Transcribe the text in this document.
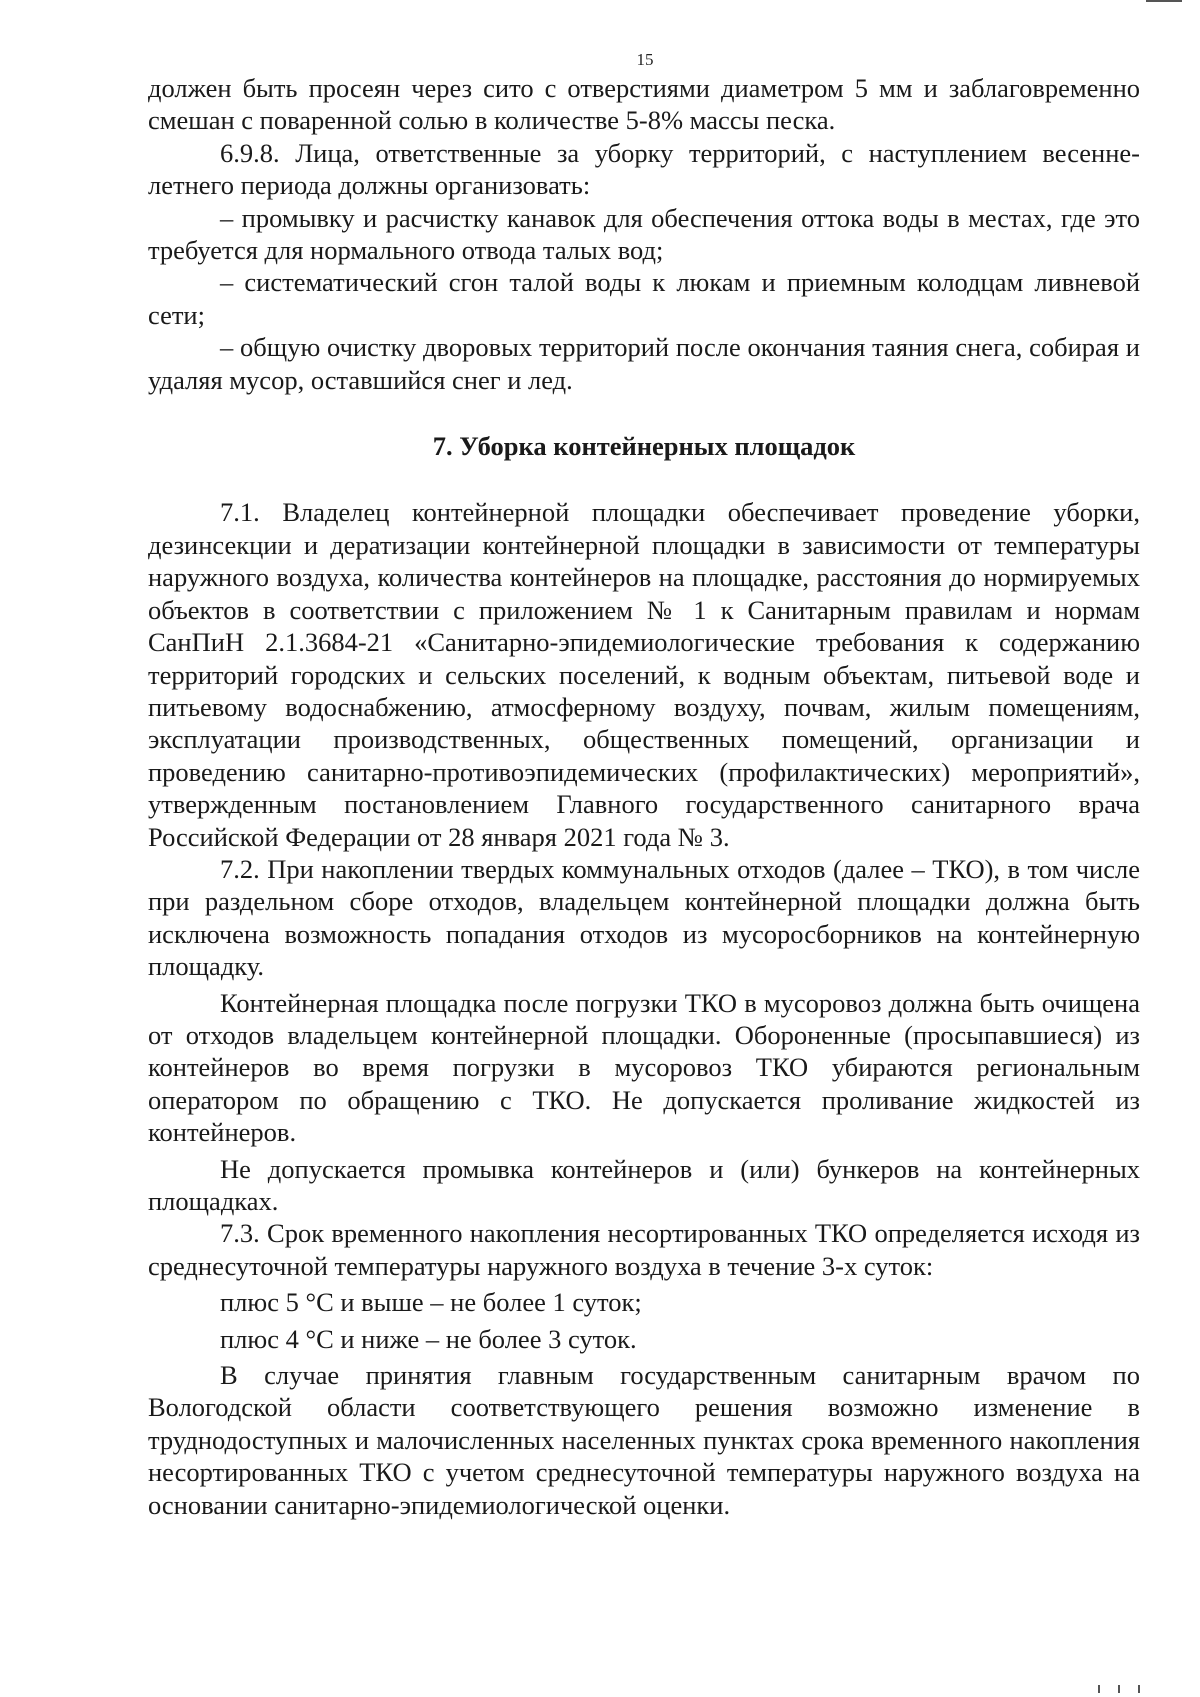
15

должен быть просеян через сито с отверстиями диаметром 5 мм и заблаговременно смешан с поваренной солью в количестве 5-8% массы песка.

6.9.8. Лица, ответственные за уборку территорий, с наступлением весенне-летнего периода должны организовать:

– промывку и расчистку канавок для обеспечения оттока воды в местах, где это требуется для нормального отвода талых вод;

– систематический сгон талой воды к люкам и приемным колодцам ливневой сети;

– общую очистку дворовых территорий после окончания таяния снега, собирая и удаляя мусор, оставшийся снег и лед.

7. Уборка контейнерных площадок

7.1. Владелец контейнерной площадки обеспечивает проведение уборки, дезинсекции и дератизации контейнерной площадки в зависимости от температуры наружного воздуха, количества контейнеров на площадке, расстояния до нормируемых объектов в соответствии с приложением № 1 к Санитарным правилам и нормам СанПиН 2.1.3684-21 «Санитарно-эпидемиологические требования к содержанию территорий городских и сельских поселений, к водным объектам, питьевой воде и питьевому водоснабжению, атмосферному воздуху, почвам, жилым помещениям, эксплуатации производственных, общественных помещений, организации и проведению санитарно-противоэпидемических (профилактических) мероприятий», утвержденным постановлением Главного государственного санитарного врача Российской Федерации от 28 января 2021 года № 3.

7.2. При накоплении твердых коммунальных отходов (далее – ТКО), в том числе при раздельном сборе отходов, владельцем контейнерной площадки должна быть исключена возможность попадания отходов из мусоросборников на контейнерную площадку.

Контейнерная площадка после погрузки ТКО в мусоровоз должна быть очищена от отходов владельцем контейнерной площадки. Обороненные (просыпавшиеся) из контейнеров во время погрузки в мусоровоз ТКО убираются региональным оператором по обращению с ТКО. Не допускается проливание жидкостей из контейнеров.

Не допускается промывка контейнеров и (или) бункеров на контейнерных площадках.

7.3. Срок временного накопления несортированных ТКО определяется исходя из среднесуточной температуры наружного воздуха в течение 3-х суток:

плюс 5 °С и выше – не более 1 суток;

плюс 4 °С и ниже – не более 3 суток.

В случае принятия главным государственным санитарным врачом по Вологодской области соответствующего решения возможно изменение в труднодоступных и малочисленных населенных пунктах срока временного накопления несортированных ТКО с учетом среднесуточной температуры наружного воздуха на основании санитарно-эпидемиологической оценки.
